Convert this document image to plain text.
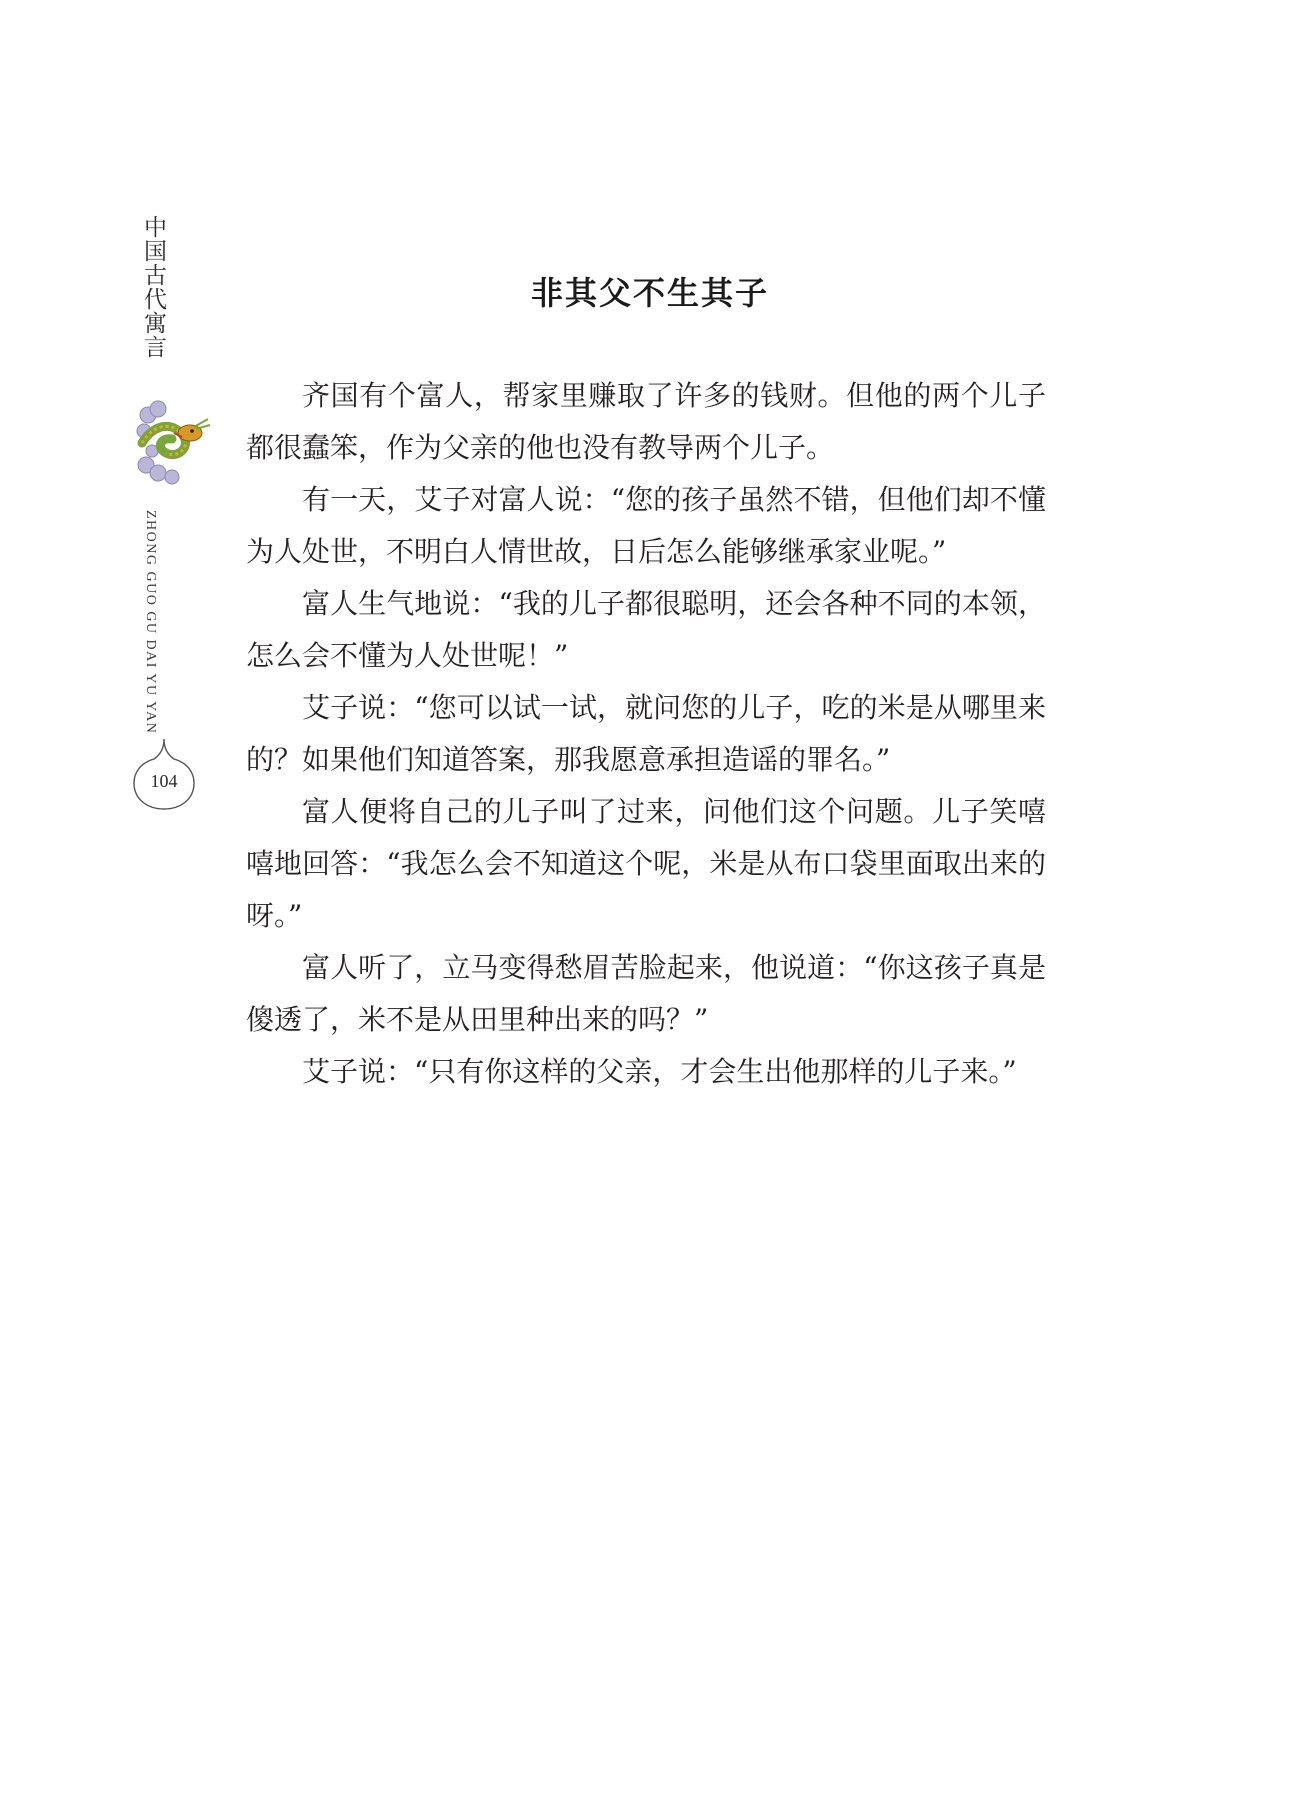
中国古代寓言
ZHONG GUO GU DAI YU YAN
104
非其父不生其子

齐国有个富人，帮家里赚取了许多的钱财。但他的两个儿子都很蠢笨，作为父亲的他也没有教导两个儿子。

有一天，艾子对富人说：“您的孩子虽然不错，但他们却不懂为人处世，不明白人情世故，日后怎么能够继承家业呢。”

富人生气地说：“我的儿子都很聪明，还会各种不同的本领，怎么会不懂为人处世呢！”

艾子说：“您可以试一试，就问您的儿子，吃的米是从哪里来的？如果他们知道答案，那我愿意承担造谣的罪名。”

富人便将自己的儿子叫了过来，问他们这个问题。儿子笑嘻嘻地回答：“我怎么会不知道这个呢，米是从布口袋里面取出来的呀。”

富人听了，立马变得愁眉苦脸起来，他说道：“你这孩子真是傻透了，米不是从田里种出来的吗？”

艾子说：“只有你这样的父亲，才会生出他那样的儿子来。”
